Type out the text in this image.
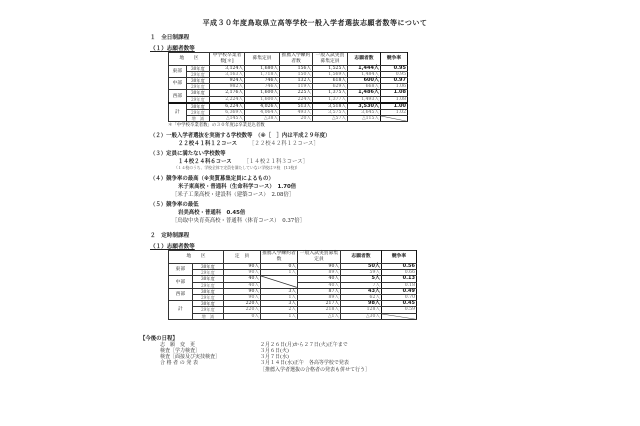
平成３０年度鳥取県立高等学校一般入学者選抜志願者数等について
１　全日制課程
（１）志願者数等
地　　区		中学校卒業者数[＊]	募集定員	推薦入学練約者数	一般入試実質募集定員	志願者数	競争率
東部	30年度	3,124人	1,680人	156人	1,525人	1,444人	0.95
	29年度	3,163人	1,718人	150人	1,569人	1,484人	0.95
中部	30年度	924人	746人	132人	618人	600人	0.97
	29年度	982人	746人	119人	629人	668人	1.06
西部	30年度	2,176人	1,600人	225人	1,375人	1,486人	1.08
	29年度	2,224人	1,600人	224人	1,377人	1,493人	1.08
計	30年度	6,224人	4,026人	513人	3,518人	3,530人	1.00
	29年度	6,369人	4,064人	493人	3,575人	3,645人	1.02
	増　減	△145人	△38人	20人	△57人	△115人	
＊「中学校卒業者数」の３０年度は卒業見込者数
（２）一般入学者選抜を実施する学校数等　（※［　］内は平成２９年度）
２２校４１科１２コース ［２２校４２科１２コース］
（３）定員に満たない学校数等
１４校２４科６コース ［１４校２１科３コース］
（１４校のうち、学校全体で定員を満たしていない学校は９校　[11校]）
（４）競争率の最高（※実質募集定員によるもの）
米子東高校・普通科（生命科学コース）　1.70倍
［米子工業高校・建設科（建築コース）　2.08倍］
（５）競争率の最低
岩美高校・普通科　0.45倍
［鳥取中央育英高校・普通科（体育コース）　0.37倍］
２　定時制課程
（１）志願者数等
地　　区		定　員	推薦入学練約者数	一般入試実質募集定員	志願者数	競争率
東部	30年度	90人	0人	90人	50人	0.56
	29年度	90人	1人	89人	59人	0.66
中部	30年度	40人		40人	5人	0.13
	29年度	40人		40人	7人	0.18
西部	30年度	90人	3人	87人	43人	0.49
	29年度	90人	1人	89人	62人	0.70
計	30年度	220人	3人	217人	98人	0.45
	29年度	220人	2人	218人	128人	0.59
	増　減	0人	1人	△1人	△30人	
【今後の日程】
志　願　変　更	２月２６日(月)から２７日(火)正午まで
検査［学力検査］	３月６日(火)
検査［面接及び実技検査］	３月７日(水)
合 格 者 の 発 表	３月１４日(水)正午　各高等学校で発表
［推薦入学者選抜の合格者の発表も併せて行う］
